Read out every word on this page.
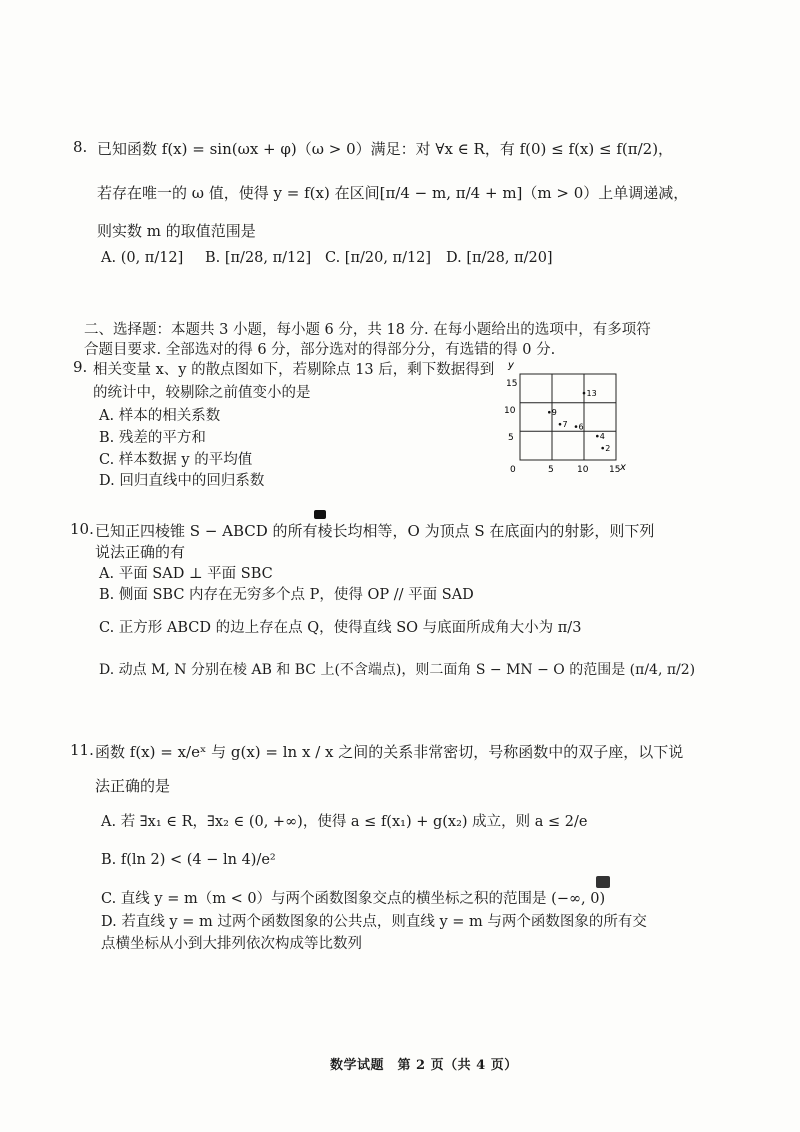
8. 已知函数 f(x) = sin(ωx + φ)（ω > 0）满足：对 ∀x ∈ R，有 f(0) ≤ f(x) ≤ f(π/2)，
若存在唯一的 ω 值，使得 y = f(x) 在区间[π/4 − m, π/4 + m]（m > 0）上单调递减，
则实数 m 的取值范围是
A. (0, π/12] B. [π/28, π/12] C. [π/20, π/12] D. [π/28, π/20]
二、选择题：本题共 3 小题，每小题 6 分，共 18 分. 在每小题给出的选项中，有多项符
合题目要求. 全部选对的得 6 分，部分选对的得部分分，有选错的得 0 分.
9. 相关变量 x、y 的散点图如下，若剔除点 13 后，剩下数据得到
的统计中，较剔除之前值变小的是
A. 样本的相关系数
B. 残差的平方和
C. 样本数据 y 的平均值
D. 回归直线中的回归系数
y
x
0	5	10 15
15
10
5
13
9
7 6
4
2
10. 已知正四棱锥 S − ABCD 的所有棱长均相等，O 为顶点 S 在底面内的射影，则下列
说法正确的有
A. 平面 SAD ⊥ 平面 SBC
B. 侧面 SBC 内存在无穷多个点 P，使得 OP // 平面 SAD
C. 正方形 ABCD 的边上存在点 Q，使得直线 SO 与底面所成角大小为 π/3
D. 动点 M, N 分别在棱 AB 和 BC 上(不含端点)，则二面角 S − MN − O 的范围是 (π/4, π/2)
11. 函数 f(x) = x/eˣ 与 g(x) = ln x / x 之间的关系非常密切，号称函数中的双子座，以下说
法正确的是
A. 若 ∃x₁ ∈ R，∃x₂ ∈ (0, +∞)，使得 a ≤ f(x₁) + g(x₂) 成立，则 a ≤ 2/e
B. f(ln 2) < (4 − ln 4)/e²
C. 直线 y = m（m < 0）与两个函数图象交点的横坐标之积的范围是 (−∞, 0)
D. 若直线 y = m 过两个函数图象的公共点，则直线 y = m 与两个函数图象的所有交
点横坐标从小到大排列依次构成等比数列
数学试题　第 2 页（共 4 页）
